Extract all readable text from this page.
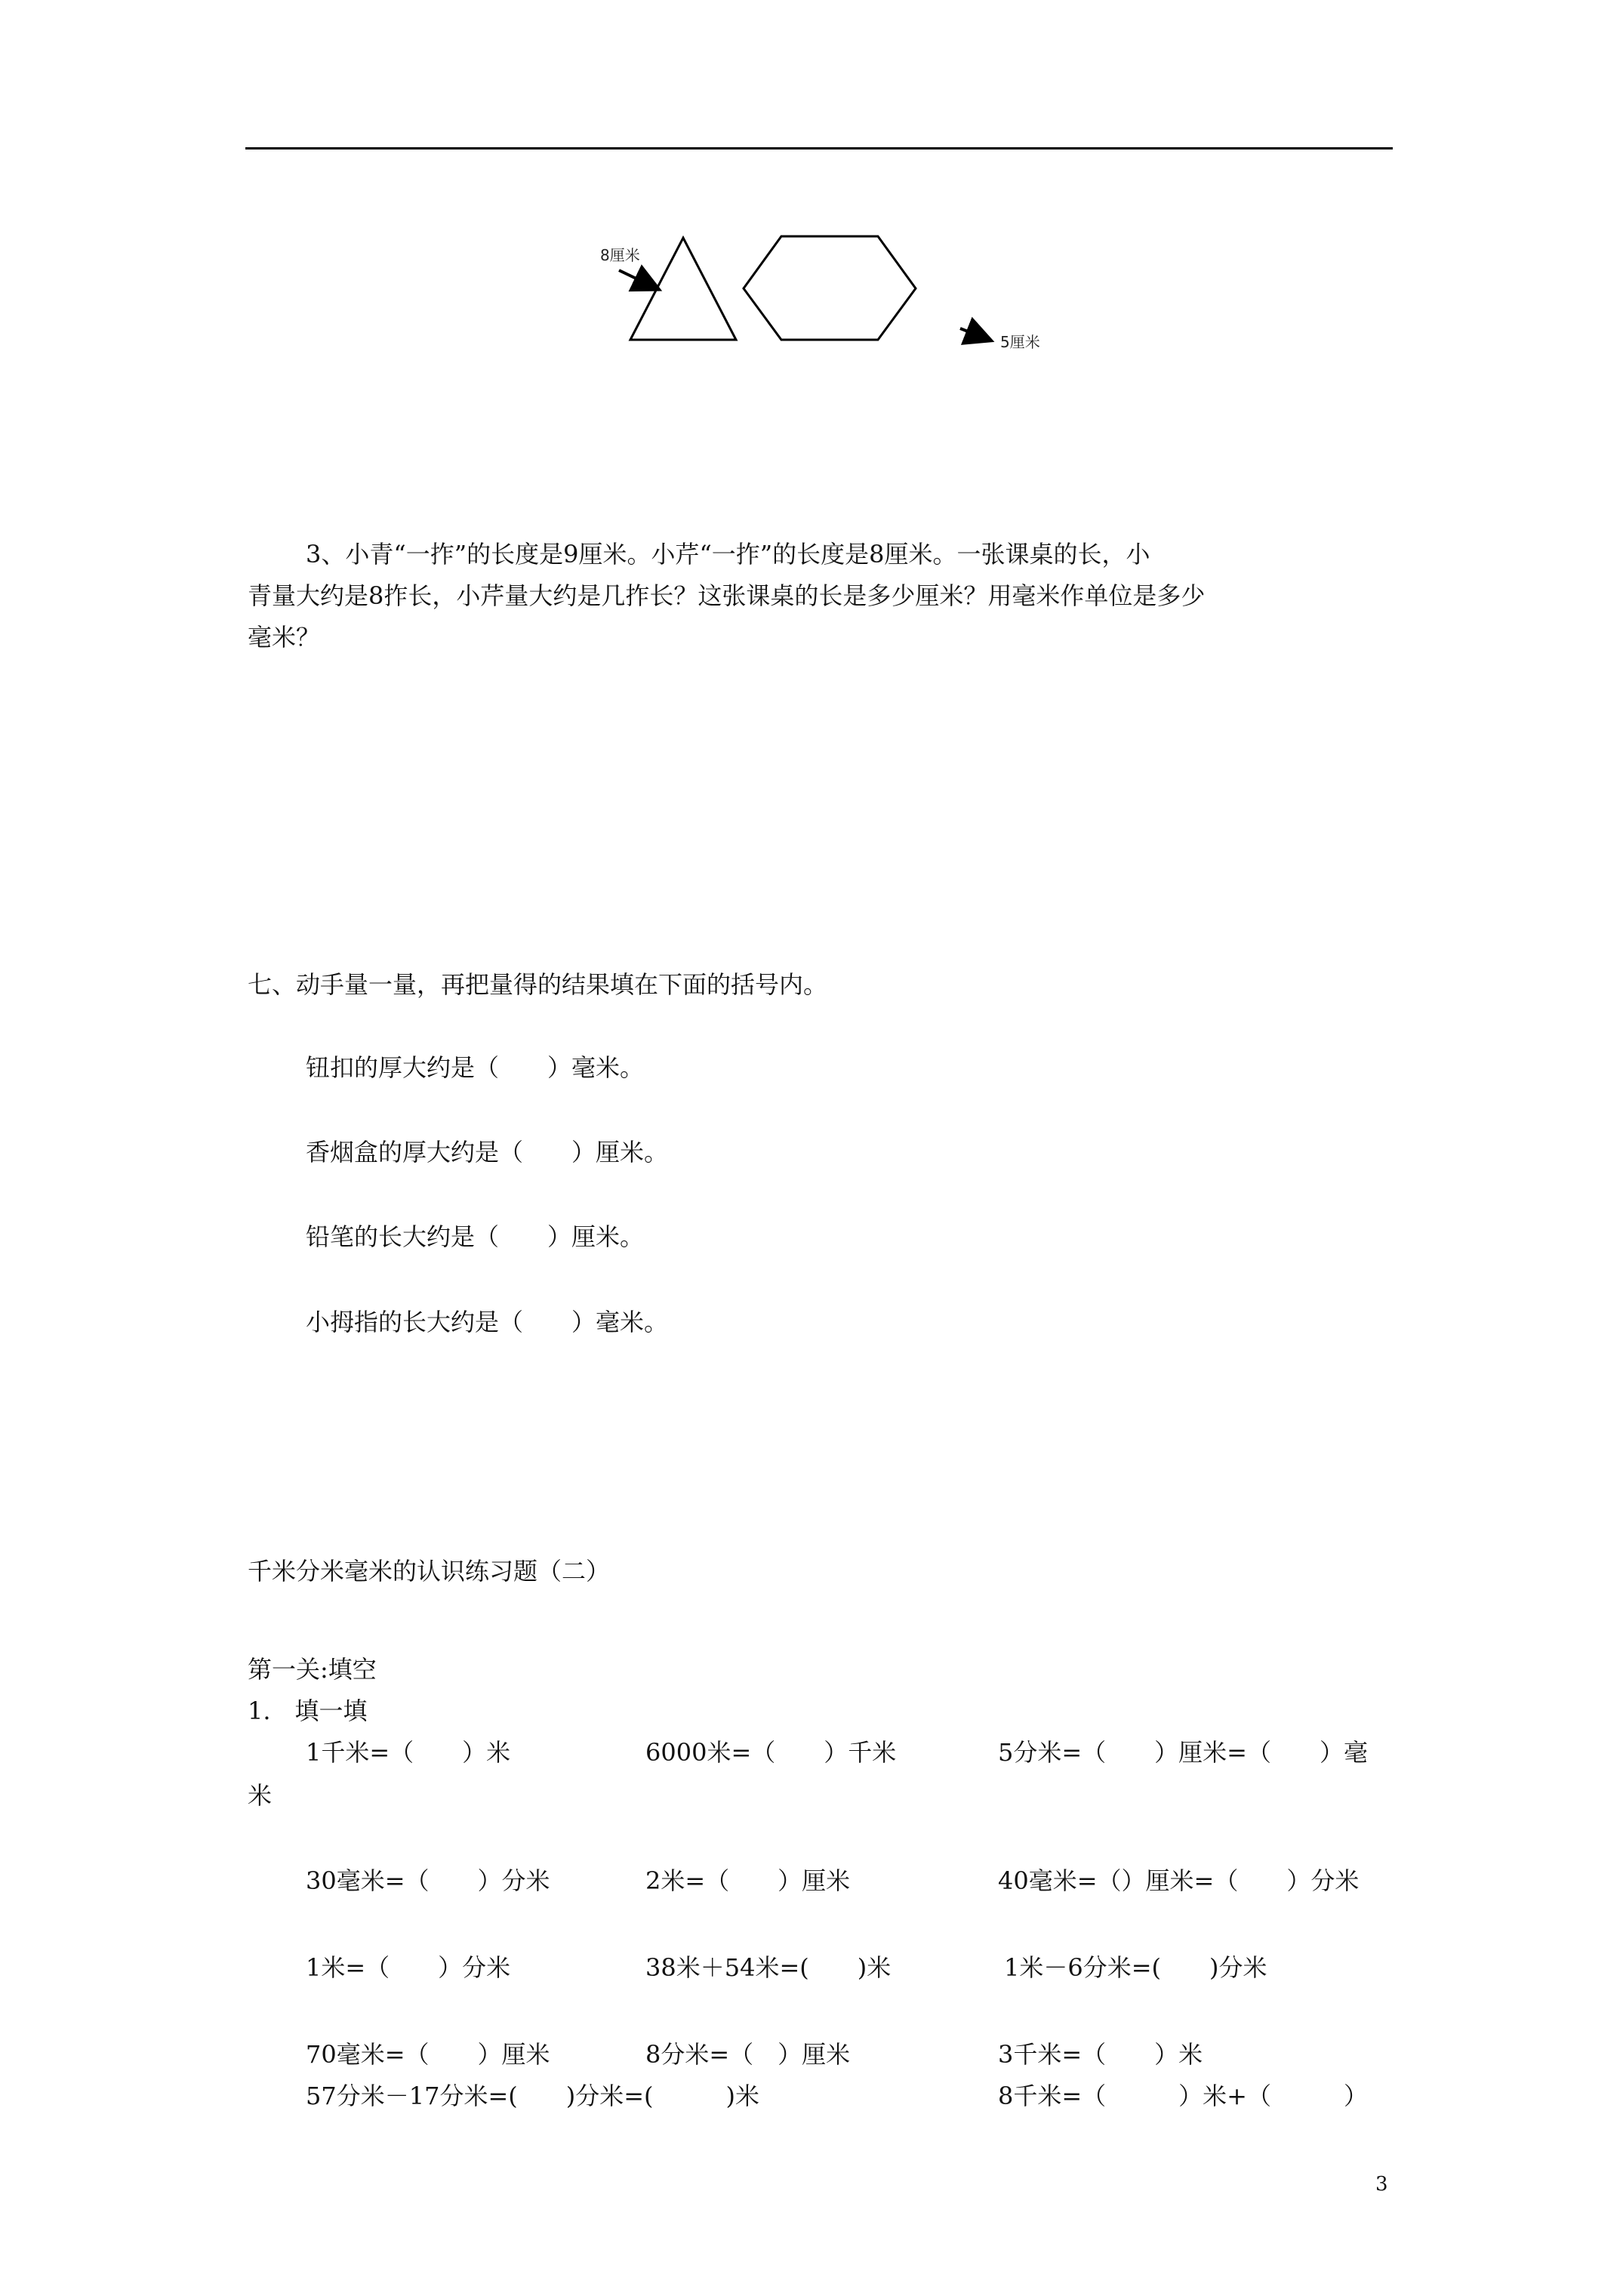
8厘米
5厘米
3、小青“一拃”的长度是9厘米。小芹“一拃”的长度是8厘米。一张课桌的长，小
青量大约是8拃长，小芹量大约是几拃长？这张课桌的长是多少厘米？用毫米作单位是多少
毫米？
七、动手量一量，再把量得的结果填在下面的括号内。
钮扣的厚大约是（　　）毫米。
香烟盒的厚大约是（　　）厘米。
铅笔的长大约是（　　）厘米。
小拇指的长大约是（　　）毫米。
千米分米毫米的认识练习题（二）
第一关:填空
1.　填一填
1千米=（　　）米	6000米=（　　）千米	5分米=（　　）厘米=（　　）毫
米
30毫米=（　　）分米	2米=（　　）厘米	40毫米=（）厘米=（　　）分米
1米=（　　）分米	38米＋54米=(　　)米	1米－6分米=(　　)分米
70毫米=（　　）厘米	8分米=（　）厘米	3千米=（　　）米
57分米－17分米=(　　)分米=(　　　)米	8千米=（　　　）米+（　　　）
3
